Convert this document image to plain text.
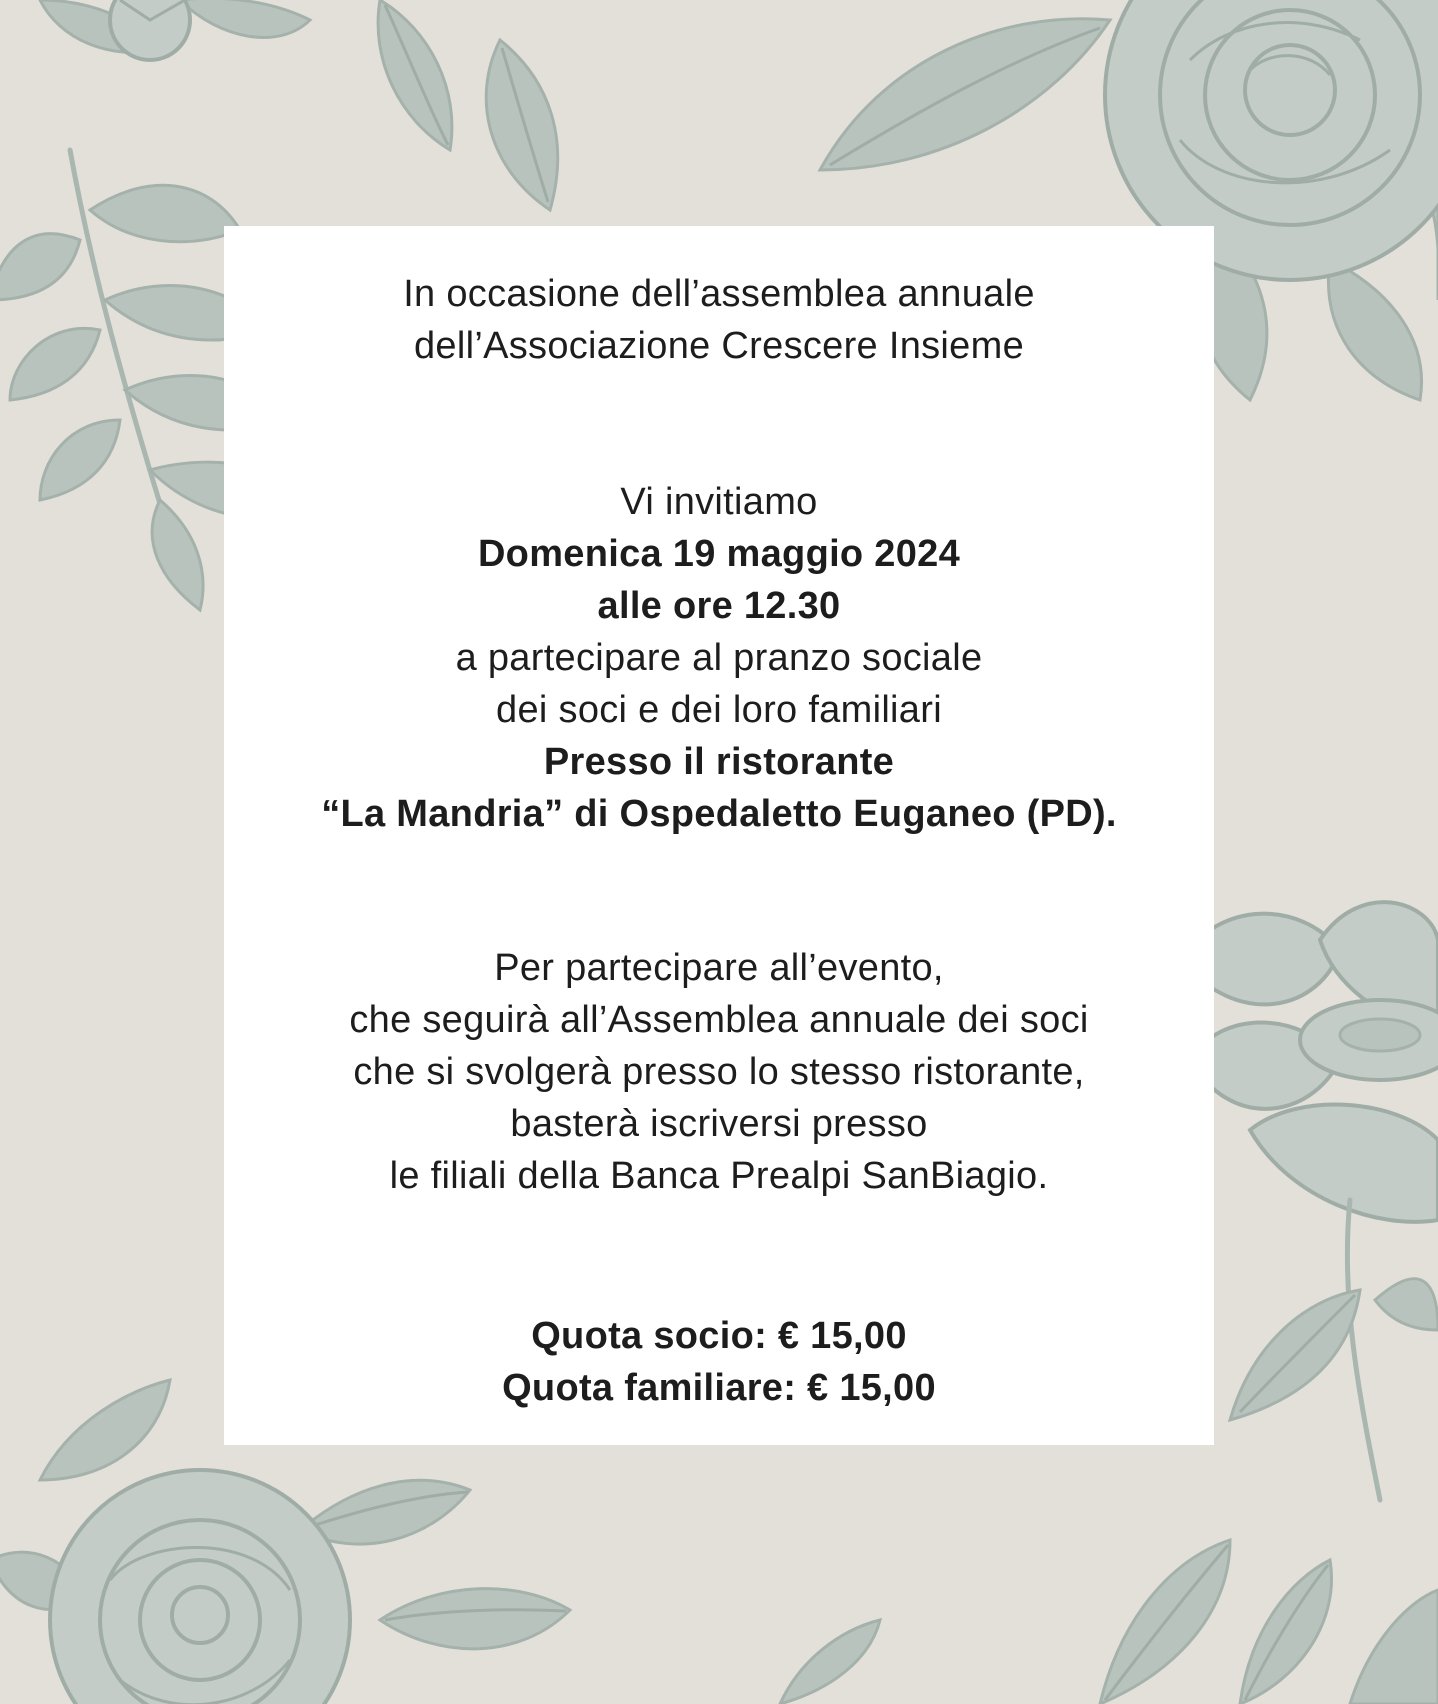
In occasione dell’assemblea annuale
dell’Associazione Crescere Insieme
Vi invitiamo
Domenica 19 maggio 2024
alle ore 12.30
a partecipare al pranzo sociale
dei soci e dei loro familiari
Presso il ristorante
“La Mandria” di Ospedaletto Euganeo (PD).
Per partecipare all’evento,
che seguirà all’Assemblea annuale dei soci
che si svolgerà presso lo stesso ristorante,
basterà iscriversi presso
le filiali della Banca Prealpi SanBiagio.
Quota socio: € 15,00
Quota familiare: € 15,00
